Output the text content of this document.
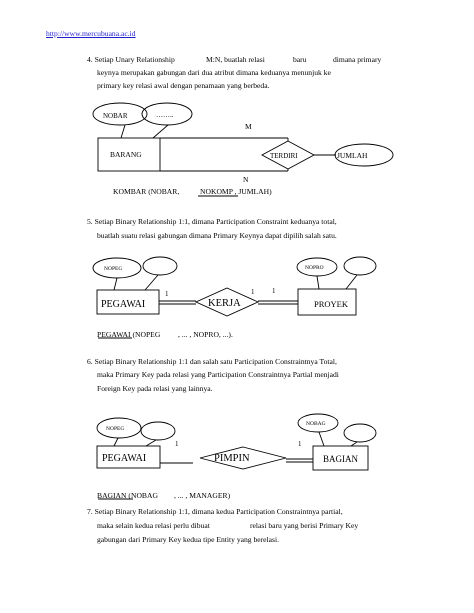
http://www.mercubuana.ac.id
4. Setiap Unary Relationship	M:N, buatlah relasi	baru	dimana primary
keynya merupakan gabungan dari dua atribut dimana keduanya menunjuk ke
primary key relasi awal dengan penamaan yang berbeda.
5. Setiap Binary Relationship 1:1, dimana Participation Constraint keduanya total,
buatlah suatu relasi gabungan dimana Primary Keynya dapat dipilih salah satu.
PEGAWAI (NOPEG , ... , NOPRO, ...).
6. Setiap Binary Relationship 1:1 dan salah satu Participation Constraintnya Total,
maka Primary Key pada relasi yang Participation Constraintnya Partial menjadi
Foreign Key pada relasi yang lainnya.
BAGIAN (NOBAG , ... , MANAGER)
7. Setiap Binary Relationship 1:1, dimana kedua Participation Constraintnya partial,
maka selain kedua relasi perlu dibuat	relasi baru yang berisi Primary Key
gabungan dari Primary Key kedua tipe Entity yang berelasi.
NOBAR	……..
M
BARANG	TERDIRI	JUMLAH
N
KOMBAR (NOBAR,	NOKOMP , JUMLAH)
NOPEG	NOPRO
1	1	1
PEGAWAI	KERJA	PROYEK
NOPEG
NOBAG
1	1
PEGAWAI	PIMPIN	BAGIAN
